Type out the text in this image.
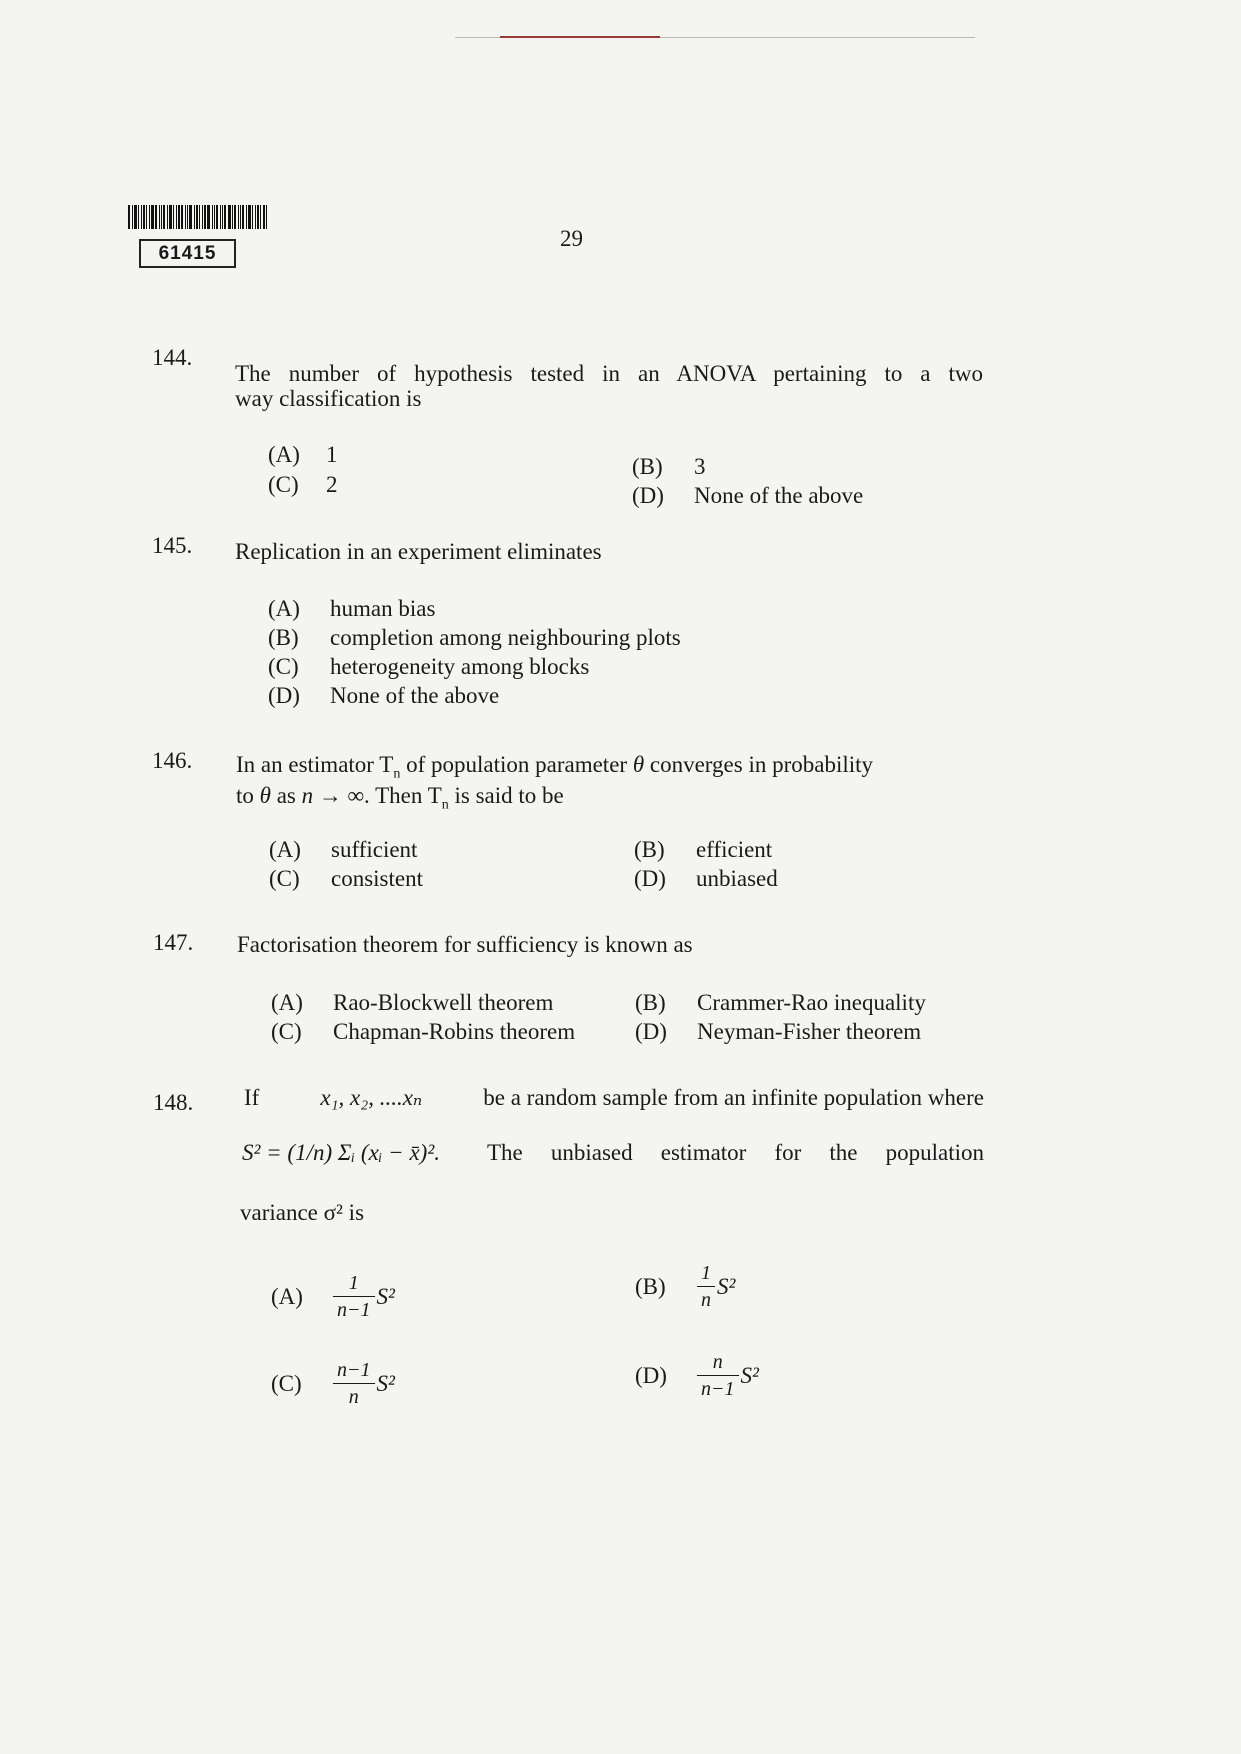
61415
29
144.
The number of hypothesis tested in an ANOVA pertaining to a two
way classification is
(A) 1	(B) 3
(C) 2	(D) None of the above
145. Replication in an experiment eliminates
(A) human bias
(B) completion among neighbouring plots
(C) heterogeneity among blocks
(D) None of the above
146. In an estimator $T_n$ of population parameter θ converges in probability
to θ as n → ∞. Then $T_n$ is said to be
(A) sufficient	(B) efficient
(C) consistent	(D) unbiased
147. Factorisation theorem for sufficiency is known as
(A) Rao-Blockwell theorem	(B) Crammer-Rao inequality
(C) Chapman-Robins theorem	(D) Neyman-Fisher theorem
148. If	x₁, x₂, ....xₙ	be a random sample from an infinite population where
S² = (1/n) Σᵢ (xᵢ − x̄)². The unbiased estimator for the population
variance σ² is
$(A) \frac{1}{n-1} S^2$	$(B) \frac{1}{n} S^2$
$(C) \frac{n-1}{n} S^2$	$(D) \frac{n}{n-1} S^2$
